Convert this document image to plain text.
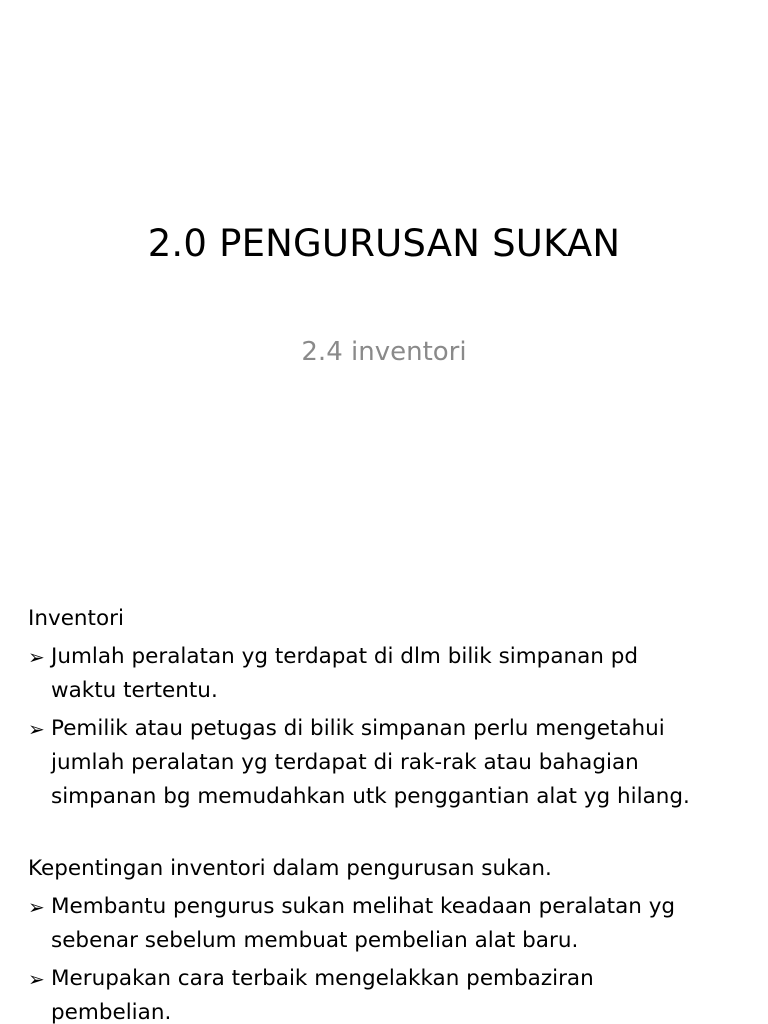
2.0 PENGURUSAN SUKAN
2.4 inventori

Inventori

➢ Jumlah peralatan yg terdapat di dlm bilik simpanan pd
waktu tertentu.
➢ Pemilik atau petugas di bilik simpanan perlu mengetahui
jumlah peralatan yg terdapat di rak-rak atau bahagian
simpanan bg memudahkan utk penggantian alat yg hilang.

Kepentingan inventori dalam pengurusan sukan.

➢ Membantu pengurus sukan melihat keadaan peralatan yg
sebenar sebelum membuat pembelian alat baru.
➢ Merupakan cara terbaik mengelakkan pembaziran
pembelian.
